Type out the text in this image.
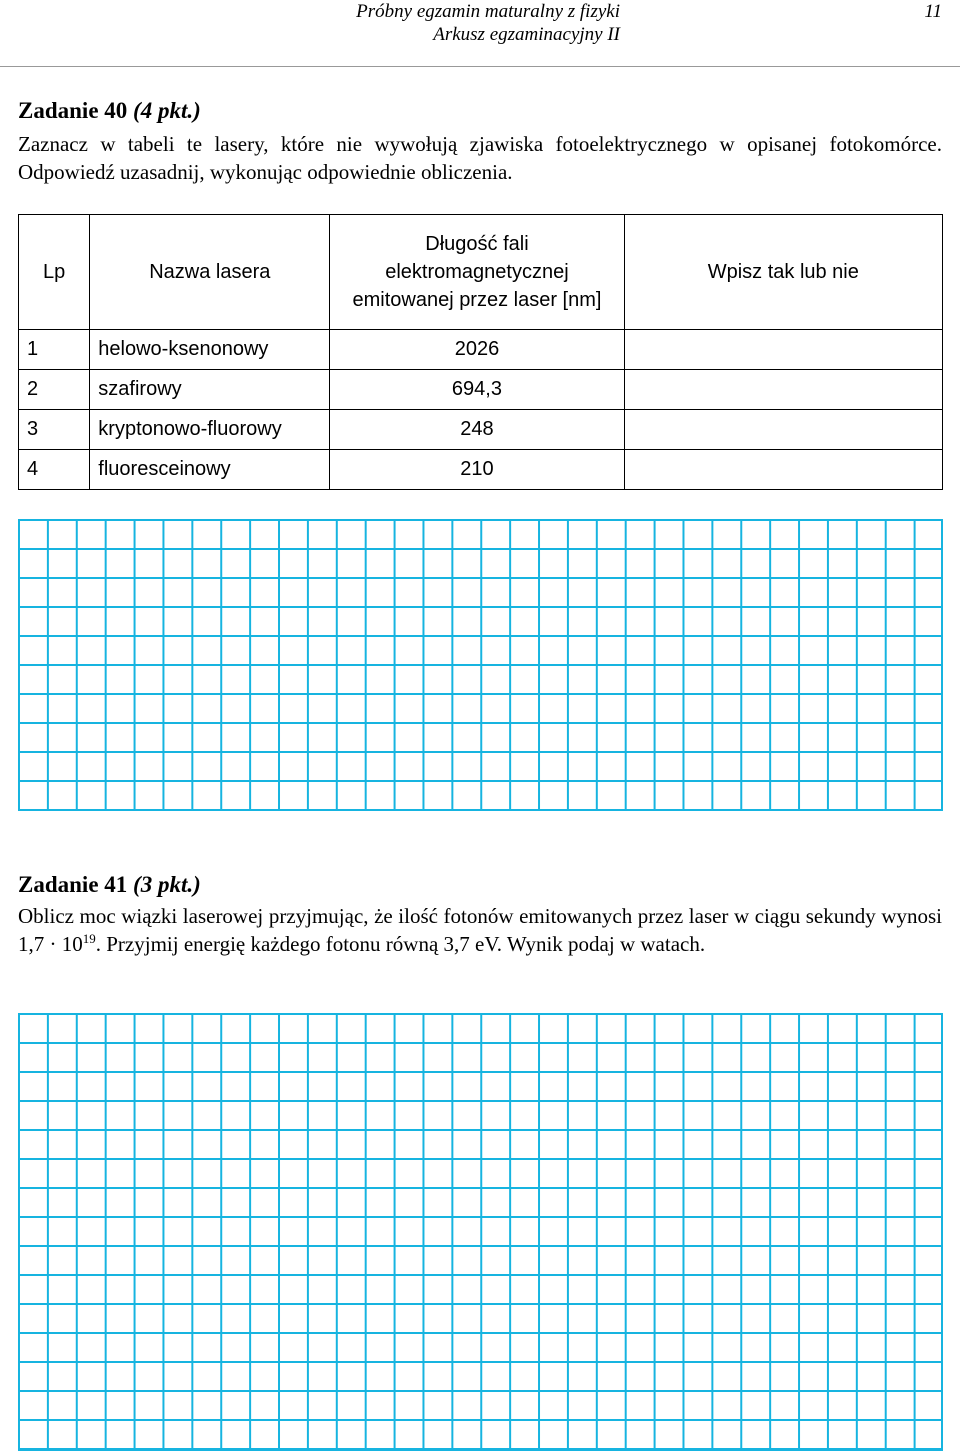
Próbny egzamin maturalny z fizyki
Arkusz egzaminacyjny II
11
Zadanie 40 (4 pkt.)

Zaznacz w tabeli te lasery, które nie wywołują zjawiska fotoelektrycznego w opisanej fotokomórce. Odpowiedź uzasadnij, wykonując odpowiednie obliczenia.

Lp	Nazwa lasera	Długość fali elektromagnetycznej emitowanej przez laser [nm]	Wpisz tak lub nie
1	helowo-ksenonowy	2026	
2	szafirowy	694,3	
3	kryptonowo-fluorowy	248	
4	fluoresceinowy	210	
Zadanie 41 (3 pkt.)

Oblicz moc wiązki laserowej przyjmując, że ilość fotonów emitowanych przez laser w ciągu sekundy wynosi $1,7 \cdot 10^{19}$. Przyjmij energię każdego fotonu równą 3,7 eV. Wynik podaj w watach.
